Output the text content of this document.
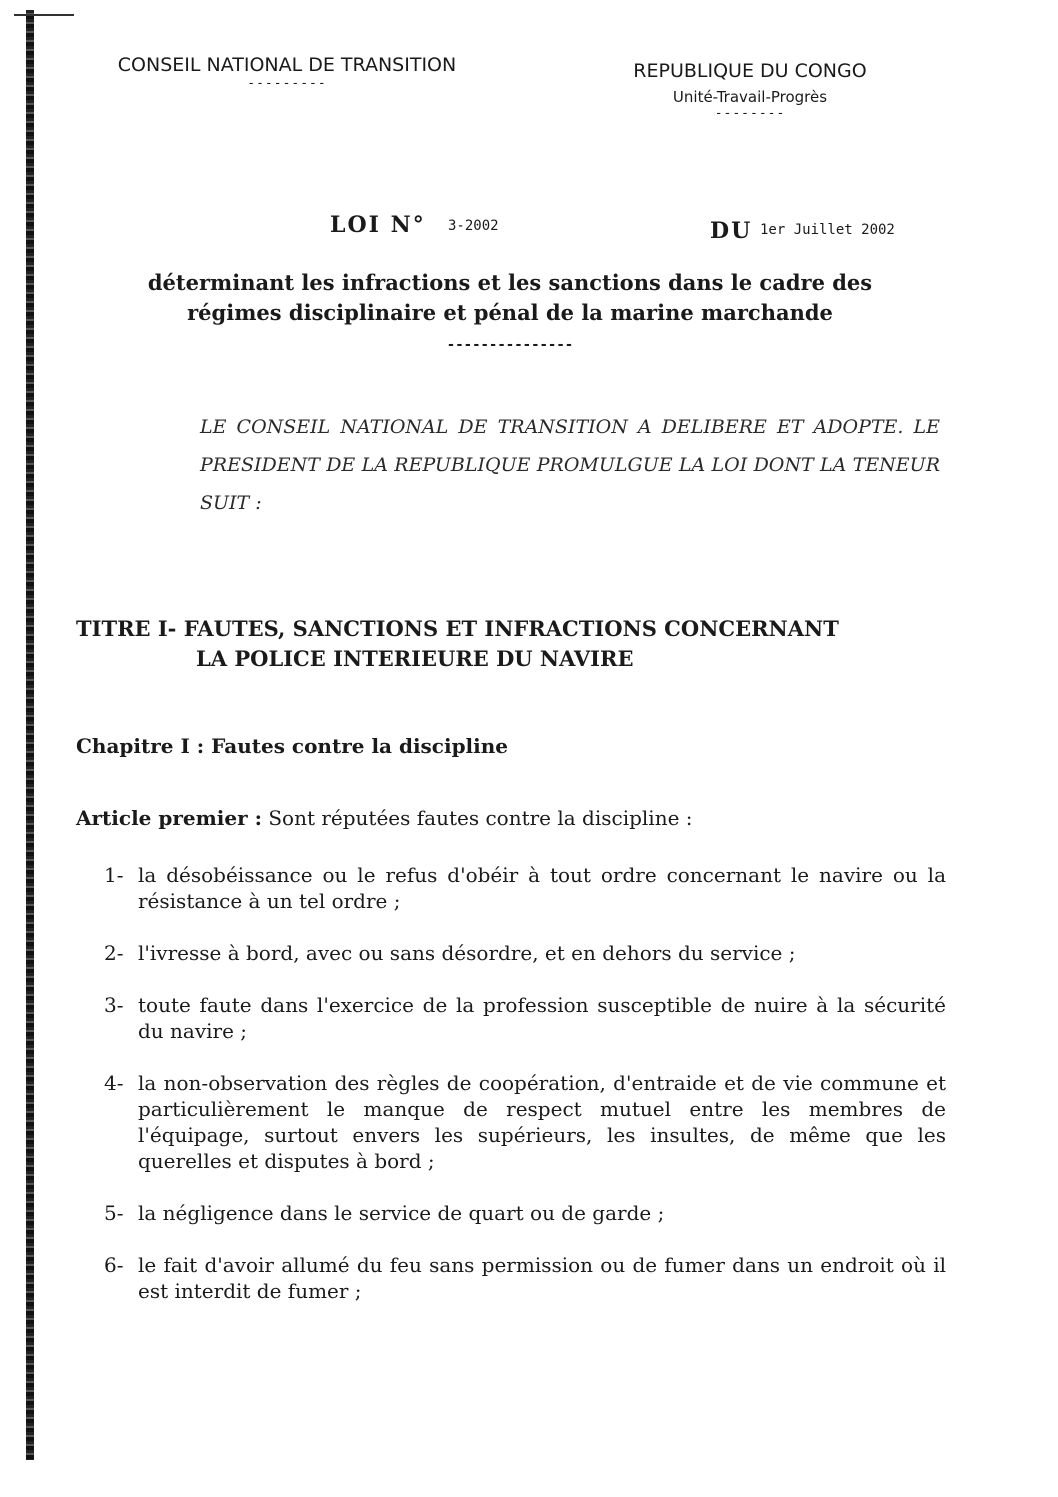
CONSEIL NATIONAL DE TRANSITION
---------
REPUBLIQUE DU CONGO
Unité-Travail-Progrès
--------
LOI N° 3-2002	DU 1er Juillet 2002
déterminant les infractions et les sanctions dans le cadre des
régimes disciplinaire et pénal de la marine marchande
---------------
LE CONSEIL NATIONAL DE TRANSITION A DELIBERE ET ADOPTE. LE PRESIDENT DE LA REPUBLIQUE PROMULGUE LA LOI DONT LA TENEUR SUIT :
TITRE I- FAUTES, SANCTIONS ET INFRACTIONS CONCERNANT
LA POLICE INTERIEURE DU NAVIRE
Chapitre I : Fautes contre la discipline
Article premier : Sont réputées fautes contre la discipline :
1- la désobéissance ou le refus d'obéir à tout ordre concernant le navire ou la résistance à un tel ordre ;
2- l'ivresse à bord, avec ou sans désordre, et en dehors du service ;
3- toute faute dans l'exercice de la profession susceptible de nuire à la sécurité du navire ;
4- la non-observation des règles de coopération, d'entraide et de vie commune et particulièrement le manque de respect mutuel entre les membres de l'équipage, surtout envers les supérieurs, les insultes, de même que les querelles et disputes à bord ;
5- la négligence dans le service de quart ou de garde ;
6- le fait d'avoir allumé du feu sans permission ou de fumer dans un endroit où il est interdit de fumer ;
